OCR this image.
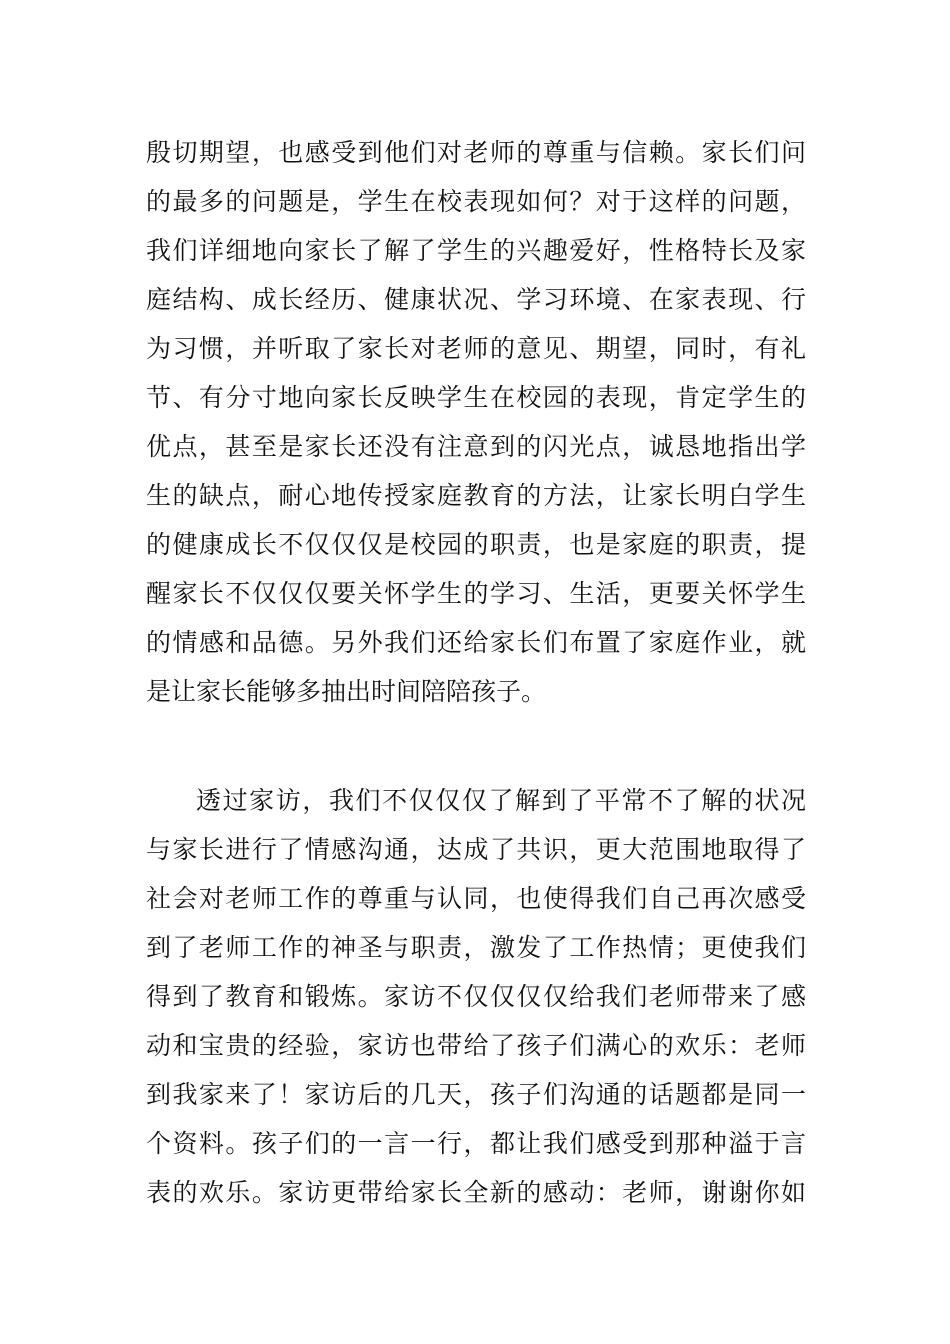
殷切期望，也感受到他们对老师的尊重与信赖。家长们问
的最多的问题是，学生在校表现如何？对于这样的问题，
我们详细地向家长了解了学生的兴趣爱好，性格特长及家
庭结构、成长经历、健康状况、学习环境、在家表现、行
为习惯，并听取了家长对老师的意见、期望，同时，有礼
节、有分寸地向家长反映学生在校园的表现，肯定学生的
优点，甚至是家长还没有注意到的闪光点，诚恳地指出学
生的缺点，耐心地传授家庭教育的方法，让家长明白学生
的健康成长不仅仅仅是校园的职责，也是家庭的职责，提
醒家长不仅仅仅要关怀学生的学习、生活，更要关怀学生
的情感和品德。另外我们还给家长们布置了家庭作业，就
是让家长能够多抽出时间陪陪孩子。
透过家访，我们不仅仅仅了解到了平常不了解的状况
与家长进行了情感沟通，达成了共识，更大范围地取得了
社会对老师工作的尊重与认同，也使得我们自己再次感受
到了老师工作的神圣与职责，激发了工作热情；更使我们
得到了教育和锻炼。家访不仅仅仅仅给我们老师带来了感
动和宝贵的经验，家访也带给了孩子们满心的欢乐：老师
到我家来了！家访后的几天，孩子们沟通的话题都是同一
个资料。孩子们的一言一行，都让我们感受到那种溢于言
表的欢乐。家访更带给家长全新的感动：老师，谢谢你如
